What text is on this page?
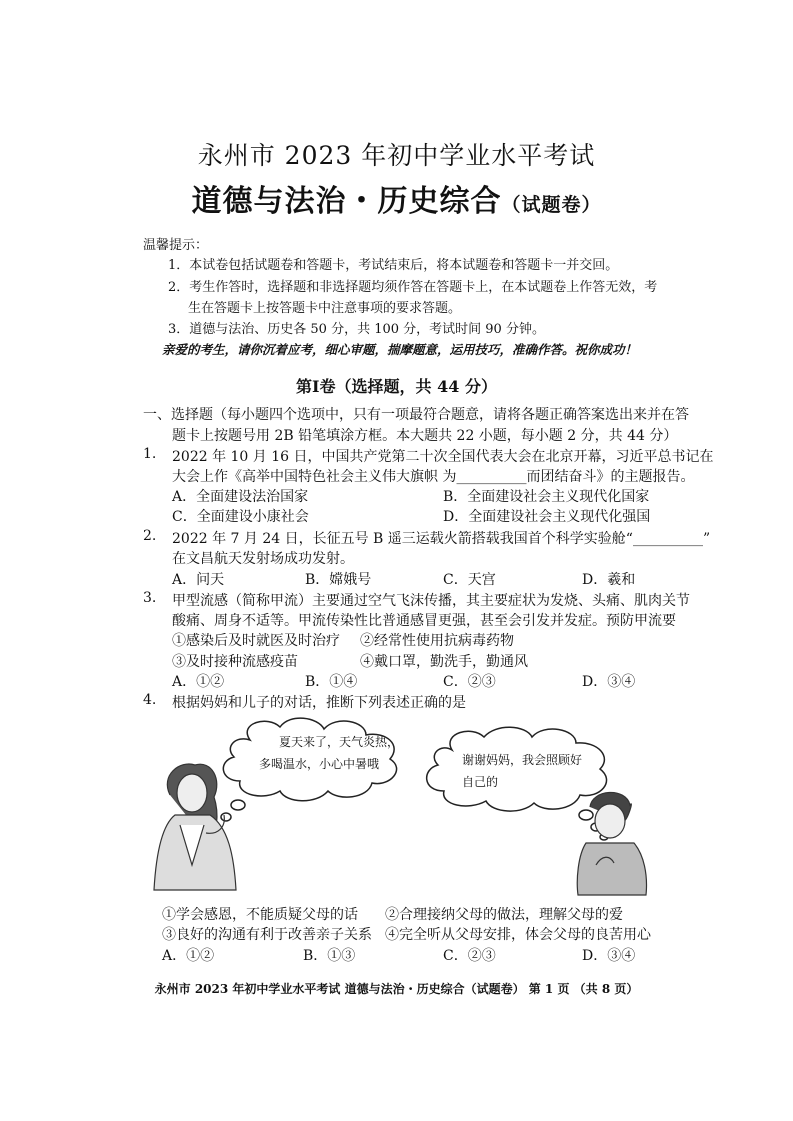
永州市 2023 年初中学业水平考试
道德与法治・历史综合（试题卷）
温馨提示：
1．本试卷包括试题卷和答题卡，考试结束后，将本试题卷和答题卡一并交回。
2．考生作答时，选择题和非选择题均须作答在答题卡上，在本试题卷上作答无效，考
生在答题卡上按答题卡中注意事项的要求答题。
3．道德与法治、历史各 50 分，共 100 分，考试时间 90 分钟。
亲爱的考生，请你沉着应考，细心审题，揣摩题意，运用技巧，准确作答。祝你成功！
第Ⅰ卷（选择题，共 44 分）
一、选择题（每小题四个选项中，只有一项最符合题意，请将各题正确答案选出来并在答
题卡上按题号用 2B 铅笔填涂方框。本大题共 22 小题，每小题 2 分，共 44 分）
1. 2022 年 10 月 16 日，中国共产党第二十次全国代表大会在北京开幕，习近平总书记在
大会上作《高举中国特色社会主义伟大旗帜 为__________而团结奋斗》的主题报告。
A．全面建设法治国家	B．全面建设社会主义现代化国家
C．全面建设小康社会	D．全面建设社会主义现代化强国
2. 2022 年 7 月 24 日，长征五号 B 遥三运载火箭搭载我国首个科学实验舱“__________”
在文昌航天发射场成功发射。
A．问天	B．嫦娥号	C．天宫	D．羲和
3. 甲型流感（简称甲流）主要通过空气飞沫传播，其主要症状为发烧、头痛、肌肉关节
酸痛、周身不适等。甲流传染性比普通感冒更强，甚至会引发并发症。预防甲流要
①感染后及时就医及时治疗 ②经常性使用抗病毒药物
③及时接种流感疫苗	④戴口罩，勤洗手，勤通风
A．①②	B．①④	C．②③	D．③④
4. 根据妈妈和儿子的对话，推断下列表述正确的是
夏天来了，天气炎热，
多喝温水，小心中暑哦	谢谢妈妈，我会照顾好
自己的
①学会感恩，不能质疑父母的话 ②合理接纳父母的做法，理解父母的爱
③良好的沟通有利于改善亲子关系 ④完全听从父母安排，体会父母的良苦用心
A．①②	B．①③	C．②③	D．③④
永州市 2023 年初中学业水平考试 道德与法治・历史综合（试题卷） 第 1 页 （共 8 页）
